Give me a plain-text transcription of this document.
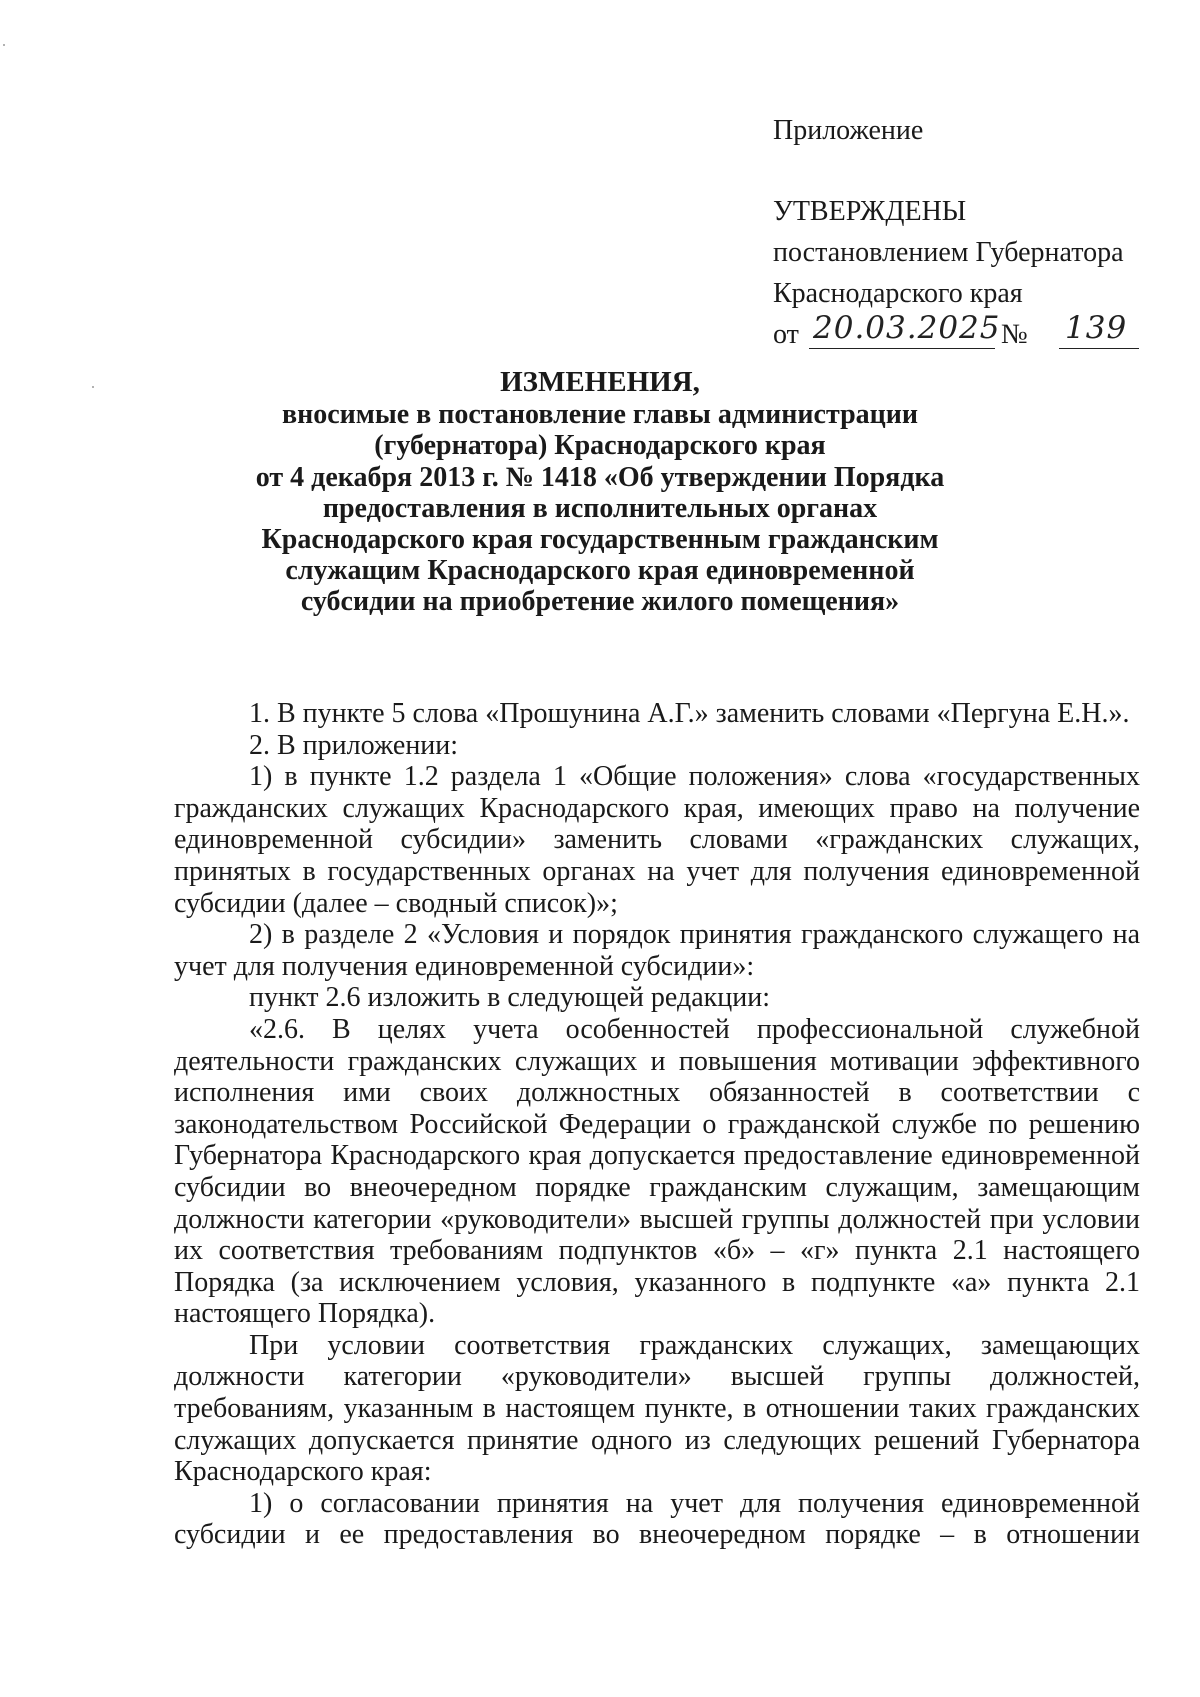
Приложение
УТВЕРЖДЕНЫ
постановлением Губернатора
Краснодарского края
от 20.03.2025 № 139
ИЗМЕНЕНИЯ,
вносимые в постановление главы администрации
(губернатора) Краснодарского края
от 4 декабря 2013 г. № 1418 «Об утверждении Порядка
предоставления в исполнительных органах
Краснодарского края государственным гражданским
служащим Краснодарского края единовременной
субсидии на приобретение жилого помещения»

1. В пункте 5 слова «Прошунина А.Г.» заменить словами «Пергуна Е.Н.».

2. В приложении:

1) в пункте 1.2 раздела 1 «Общие положения» слова «государственных гражданских служащих Краснодарского края, имеющих право на получение единовременной субсидии» заменить словами «гражданских служащих, принятых в государственных органах на учет для получения единовременной субсидии (далее – сводный список)»;

2) в разделе 2 «Условия и порядок принятия гражданского служащего на учет для получения единовременной субсидии»:

пункт 2.6 изложить в следующей редакции:

«2.6. В целях учета особенностей профессиональной служебной деятельности гражданских служащих и повышения мотивации эффективного исполнения ими своих должностных обязанностей в соответствии с законодательством Российской Федерации о гражданской службе по решению Губернатора Краснодарского края допускается предоставление единовременной субсидии во внеочередном порядке гражданским служащим, замещающим должности категории «руководители» высшей группы должностей при условии их соответствия требованиям подпунктов «б» – «г» пункта 2.1 настоящего Порядка (за исключением условия, указанного в подпункте «а» пункта 2.1 настоящего Порядка).

При условии соответствия гражданских служащих, замещающих должности категории «руководители» высшей группы должностей, требованиям, указанным в настоящем пункте, в отношении таких гражданских служащих допускается принятие одного из следующих решений Губернатора Краснодарского края:

1) о согласовании принятия на учет для получения единовременной субсидии и ее предоставления во внеочередном порядке – в отношении
